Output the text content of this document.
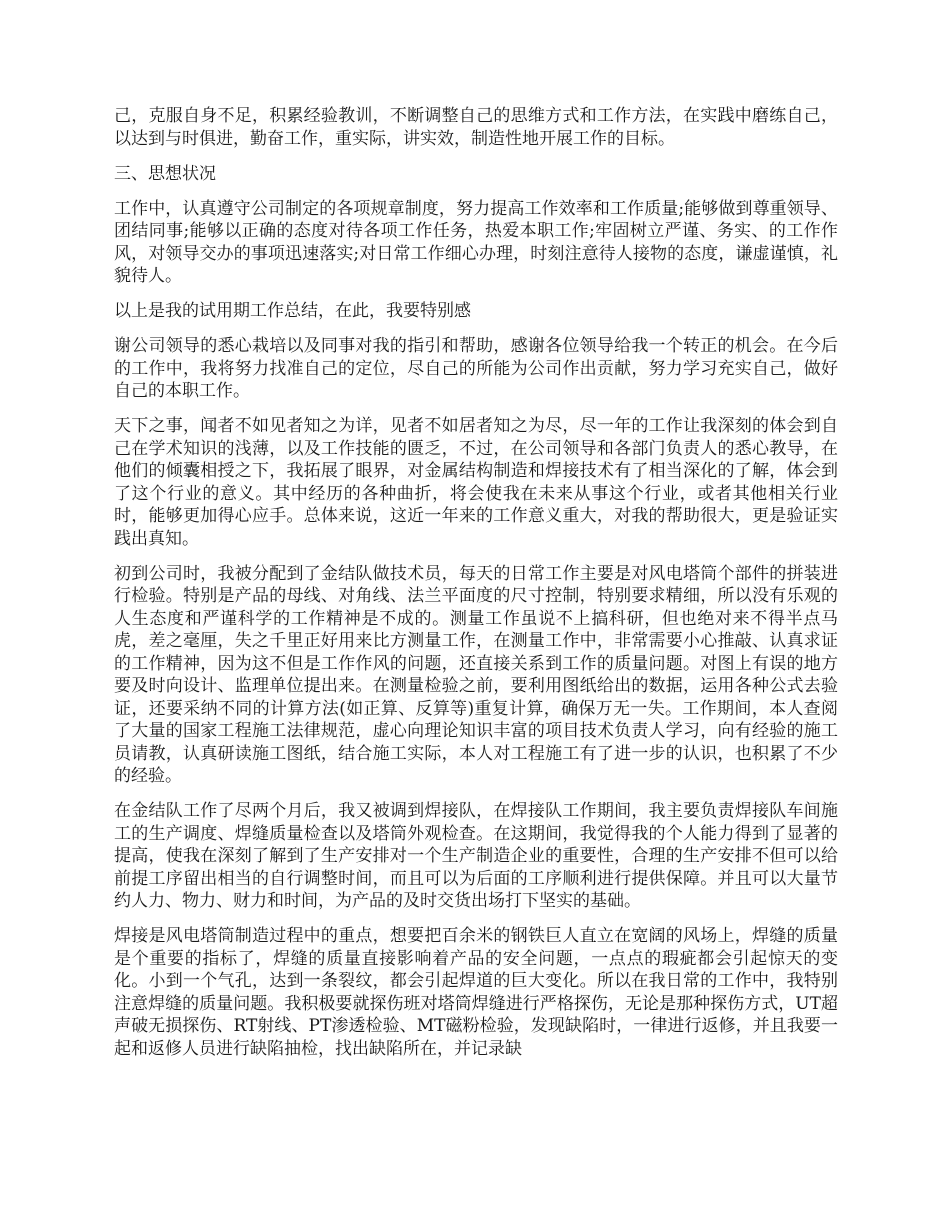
己，克服自身不足，积累经验教训，不断调整自己的思维方式和工作方法，在实践中磨练自己，以达到与时俱进，勤奋工作，重实际，讲实效，制造性地开展工作的目标。

三、思想状况

工作中，认真遵守公司制定的各项规章制度，努力提高工作效率和工作质量;能够做到尊重领导、团结同事;能够以正确的态度对待各项工作任务，热爱本职工作;牢固树立严谨、务实、的工作作风，对领导交办的事项迅速落实;对日常工作细心办理，时刻注意待人接物的态度，谦虚谨慎，礼貌待人。

以上是我的试用期工作总结，在此，我要特别感

谢公司领导的悉心栽培以及同事对我的指引和帮助，感谢各位领导给我一个转正的机会。在今后的工作中，我将努力找准自己的定位，尽自己的所能为公司作出贡献，努力学习充实自己，做好自己的本职工作。

天下之事，闻者不如见者知之为详，见者不如居者知之为尽，尽一年的工作让我深刻的体会到自己在学术知识的浅薄，以及工作技能的匮乏，不过，在公司领导和各部门负责人的悉心教导，在他们的倾囊相授之下，我拓展了眼界，对金属结构制造和焊接技术有了相当深化的了解，体会到了这个行业的意义。其中经历的各种曲折，将会使我在未来从事这个行业，或者其他相关行业时，能够更加得心应手。总体来说，这近一年来的工作意义重大，对我的帮助很大，更是验证实践出真知。

初到公司时，我被分配到了金结队做技术员，每天的日常工作主要是对风电塔筒个部件的拼装进行检验。特别是产品的母线、对角线、法兰平面度的尺寸控制，特别要求精细，所以没有乐观的人生态度和严谨科学的工作精神是不成的。测量工作虽说不上搞科研，但也绝对来不得半点马虎，差之毫厘，失之千里正好用来比方测量工作，在测量工作中，非常需要小心推敲、认真求证的工作精神，因为这不但是工作作风的问题，还直接关系到工作的质量问题。对图上有误的地方要及时向设计、监理单位提出来。在测量检验之前，要利用图纸给出的数据，运用各种公式去验证，还要采纳不同的计算方法(如正算、反算等)重复计算，确保万无一失。工作期间，本人查阅了大量的国家工程施工法律规范，虚心向理论知识丰富的项目技术负责人学习，向有经验的施工员请教，认真研读施工图纸，结合施工实际，本人对工程施工有了进一步的认识，也积累了不少的经验。

在金结队工作了尽两个月后，我又被调到焊接队，在焊接队工作期间，我主要负责焊接队车间施工的生产调度、焊缝质量检查以及塔筒外观检查。在这期间，我觉得我的个人能力得到了显著的提高，使我在深刻了解到了生产安排对一个生产制造企业的重要性，合理的生产安排不但可以给前提工序留出相当的自行调整时间，而且可以为后面的工序顺利进行提供保障。并且可以大量节约人力、物力、财力和时间，为产品的及时交货出场打下坚实的基础。

焊接是风电塔筒制造过程中的重点，想要把百余米的钢铁巨人直立在宽阔的风场上，焊缝的质量是个重要的指标了，焊缝的质量直接影响着产品的安全问题，一点点的瑕疵都会引起惊天的变化。小到一个气孔，达到一条裂纹，都会引起焊道的巨大变化。所以在我日常的工作中，我特别注意焊缝的质量问题。我积极要就探伤班对塔筒焊缝进行严格探伤，无论是那种探伤方式，UT超声破无损探伤、RT射线、PT渗透检验、MT磁粉检验，发现缺陷时，一律进行返修，并且我要一起和返修人员进行缺陷抽检，找出缺陷所在，并记录缺
